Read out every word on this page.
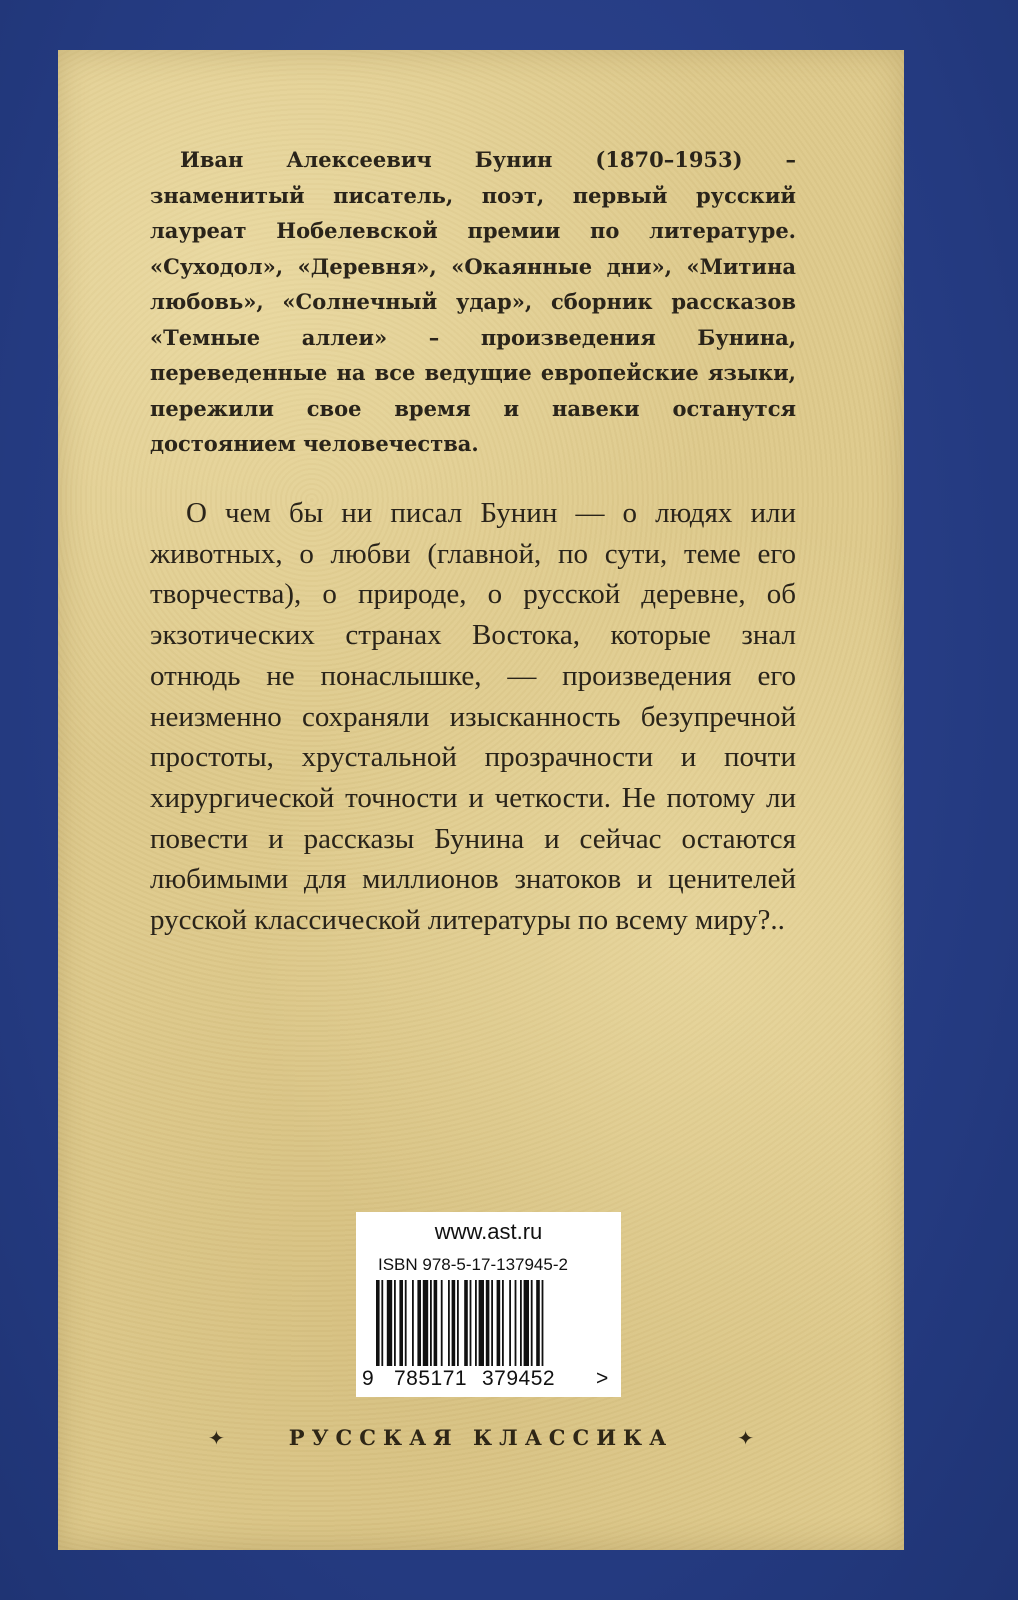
Иван Алексеевич Бунин (1870–1953) – знаменитый писатель, поэт, первый русский лауреат Нобелевской премии по литературе. «Суходол», «Деревня», «Окаянные дни», «Митина любовь», «Солнечный удар», сборник рассказов «Темные аллеи» – произведения Бунина, переведенные на все ведущие европейские языки, пережили свое время и навеки останутся достоянием человечества.

О чем бы ни писал Бунин — о людях или животных, о любви (главной, по сути, теме его творчества), о природе, о русской деревне, об экзотических странах Востока, которые знал отнюдь не понаслышке, — произведения его неизменно сохраняли изысканность безупречной простоты, хрустальной прозрачности и почти хирургической точности и четкости. Не потому ли повести и рассказы Бунина и сейчас остаются любимыми для миллионов знатоков и ценителей русской классической литературы по всему миру?..

www.ast.ru
ISBN 978-5-17-137945-2
9 785171 379452 >
✦	РУССКАЯ КЛАССИКА	✦
